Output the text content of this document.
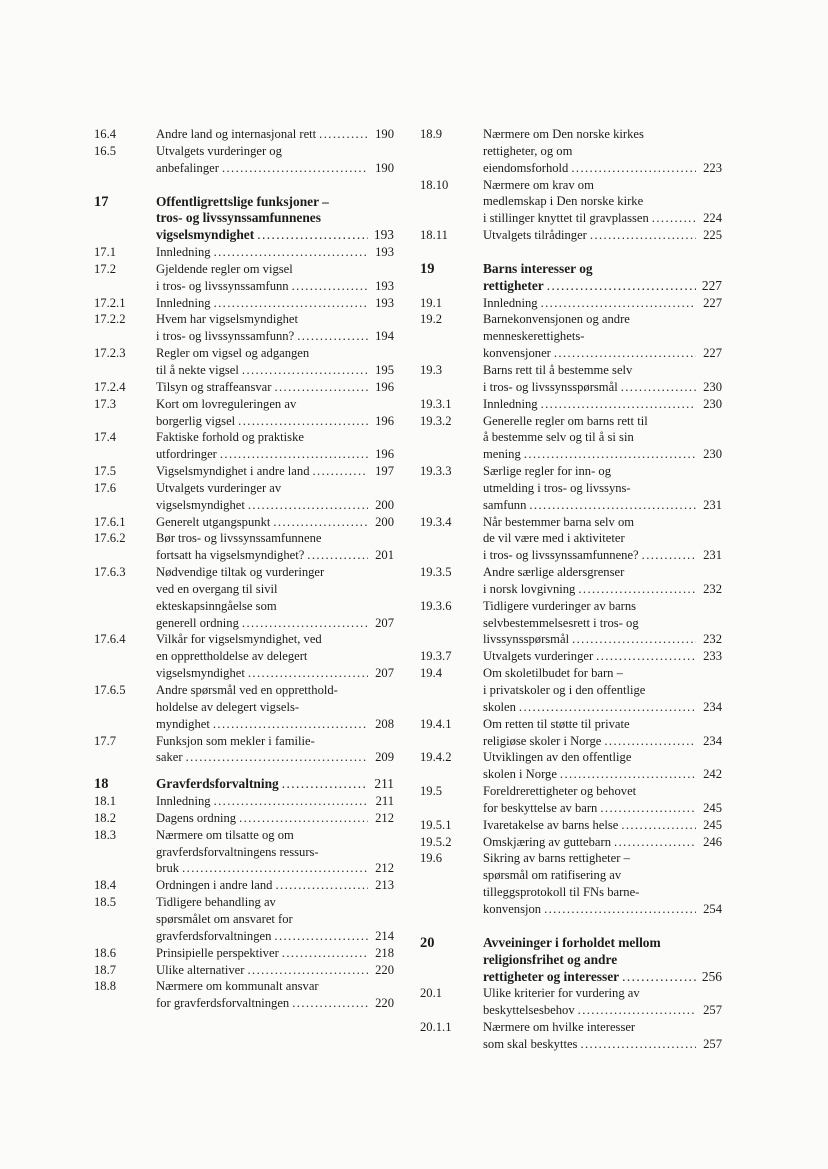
16.4	Andre land og internasjonal rett .....	190
16.5	Utvalgets vurderinger og
anbefalinger .....	190
17	Offentligrettslige funksjoner –
tros- og livssynssamfunnenes
vigselsmyndighet .....	193
17.1	Innledning .....	193
17.2	Gjeldende regler om vigsel
i tros- og livssynssamfunn .....	193
17.2.1	Innledning .....	193
17.2.2	Hvem har vigselsmyndighet
i tros- og livssynssamfunn? .....	194
17.2.3	Regler om vigsel og adgangen
til å nekte vigsel .....	195
17.2.4	Tilsyn og straffeansvar .....	196
17.3	Kort om lovreguleringen av
borgerlig vigsel .....	196
17.4	Faktiske forhold og praktiske
utfordringer .....	196
17.5	Vigselsmyndighet i andre land .....	197
17.6	Utvalgets vurderinger av
vigselsmyndighet .....	200
17.6.1	Generelt utgangspunkt .....	200
17.6.2	Bør tros- og livssynssamfunnene
fortsatt ha vigselsmyndighet? .....	201
17.6.3	Nødvendige tiltak og vurderinger
ved en overgang til sivil
ekteskapsinngåelse som
generell ordning .....	207
17.6.4	Vilkår for vigselsmyndighet, ved
en opprettholdelse av delegert
vigselsmyndighet .....	207
17.6.5	Andre spørsmål ved en oppretthold-
holdelse av delegert vigsels-
myndighet .....	208
17.7	Funksjon som mekler i familie-
saker .....	209
18	Gravferdsforvaltning .....	211
18.1	Innledning .....	211
18.2	Dagens ordning .....	212
18.3	Nærmere om tilsatte og om
gravferdsforvaltningens ressurs-
bruk .....	212
18.4	Ordningen i andre land .....	213
18.5	Tidligere behandling av
spørsmålet om ansvaret for
gravferdsforvaltningen .....	214
18.6	Prinsipielle perspektiver .....	218
18.7	Ulike alternativer .....	220
18.8	Nærmere om kommunalt ansvar
for gravferdsforvaltningen .....	220
18.9	Nærmere om Den norske kirkes
rettigheter, og om
eiendomsforhold .....	223
18.10	Nærmere om krav om
medlemskap i Den norske kirke
i stillinger knyttet til gravplassen .....	224
18.11	Utvalgets tilrådinger .....	225
19	Barns interesser og
rettigheter .....	227
19.1	Innledning .....	227
19.2	Barnekonvensjonen og andre
menneskerettighets-
konvensjoner .....	227
19.3	Barns rett til å bestemme selv
i tros- og livssynsspørsmål .....	230
19.3.1	Innledning .....	230
19.3.2	Generelle regler om barns rett til
å bestemme selv og til å si sin
mening .....	230
19.3.3	Særlige regler for inn- og
utmelding i tros- og livssyns-
samfunn .....	231
19.3.4	Når bestemmer barna selv om
de vil være med i aktiviteter
i tros- og livssynssamfunnene? .....	231
19.3.5	Andre særlige aldersgrenser
i norsk lovgivning .....	232
19.3.6	Tidligere vurderinger av barns
selvbestemmelsesrett i tros- og
livssynsspørsmål .....	232
19.3.7	Utvalgets vurderinger .....	233
19.4	Om skoletilbudet for barn –
i privatskoler og i den offentlige
skolen .....	234
19.4.1	Om retten til støtte til private
religiøse skoler i Norge .....	234
19.4.2	Utviklingen av den offentlige
skolen i Norge .....	242
19.5	Foreldrerettigheter og behovet
for beskyttelse av barn .....	245
19.5.1	Ivaretakelse av barns helse .....	245
19.5.2	Omskjæring av guttebarn .....	246
19.6	Sikring av barns rettigheter –
spørsmål om ratifisering av
tilleggsprotokoll til FNs barne-
konvensjon .....	254
20	Avveininger i forholdet mellom
religionsfrihet og andre
rettigheter og interesser .....	256
20.1	Ulike kriterier for vurdering av
beskyttelsesbehov .....	257
20.1.1	Nærmere om hvilke interesser
som skal beskyttes .....	257
